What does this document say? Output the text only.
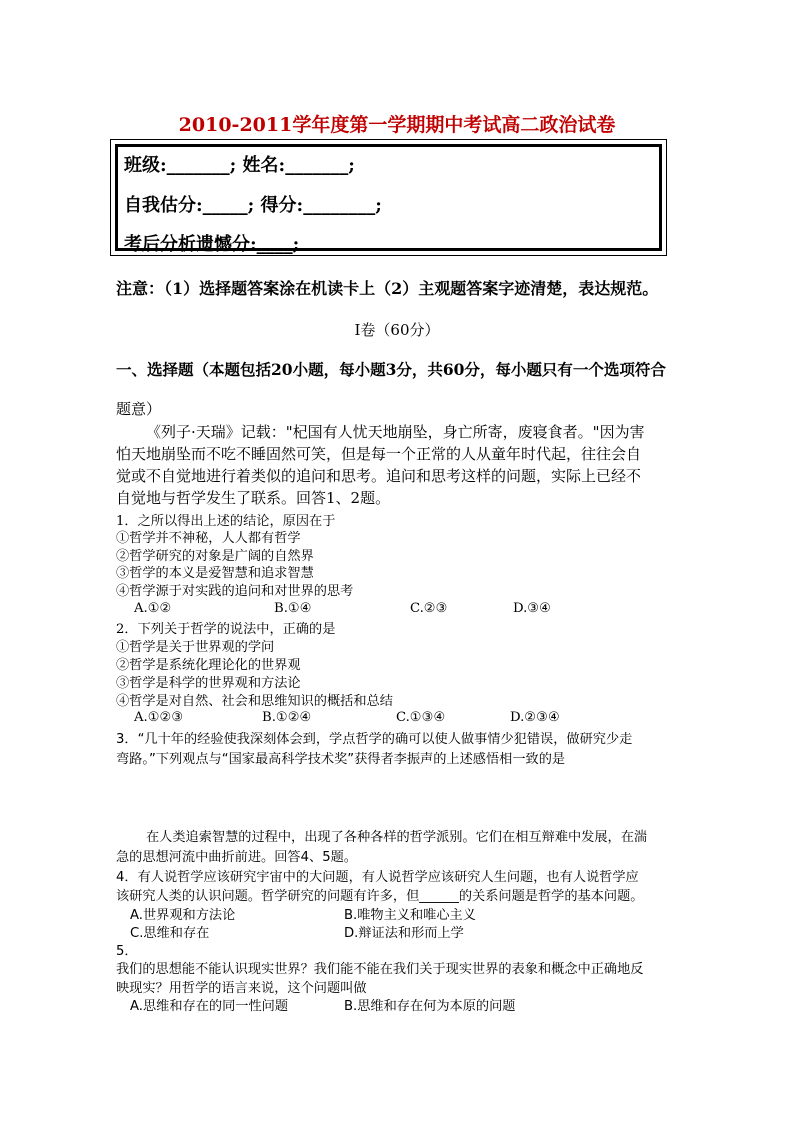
2010-2011学年度第一学期期中考试高二政治试卷
班级:_______; 姓名:_______;
自我估分:_____; 得分:________;
考后分析遗憾分:____;
注意：（1）选择题答案涂在机读卡上（2）主观题答案字迹清楚，表达规范。
I卷（60分）
一、选择题（本题包括20小题，每小题3分，共60分，每小题只有一个选项符合
题意）
《列子·天瑞》记载："杞国有人忧天地崩坠，身亡所寄，废寝食者。"因为害
怕天地崩坠而不吃不睡固然可笑，但是每一个正常的人从童年时代起，往往会自
觉或不自觉地进行着类似的追问和思考。追问和思考这样的问题，实际上已经不
自觉地与哲学发生了联系。回答1、2题。
1．之所以得出上述的结论，原因在于
①哲学并不神秘，人人都有哲学
②哲学研究的对象是广阔的自然界
③哲学的本义是爱智慧和追求智慧
④哲学源于对实践的追问和对世界的思考
A.①②	B.①④	C.②③	D.③④
2．下列关于哲学的说法中，正确的是
①哲学是关于世界观的学问
②哲学是系统化理论化的世界观
③哲学是科学的世界观和方法论
④哲学是对自然、社会和思维知识的概括和总结
A.①②③	B.①②④	C.①③④	D.②③④
3．“几十年的经验使我深刻体会到，学点哲学的确可以使人做事情少犯错误，做研究少走
弯路。”下列观点与“国家最高科学技术奖”获得者李振声的上述感悟相一致的是
在人类追索智慧的过程中，出现了各种各样的哲学派别。它们在相互辩难中发展，在湍
急的思想河流中曲折前进。回答4、5题。
4．有人说哲学应该研究宇宙中的大问题，有人说哲学应该研究人生问题，也有人说哲学应
该研究人类的认识问题。哲学研究的问题有许多，但______的关系问题是哲学的基本问题。
A.世界观和方法论	B.唯物主义和唯心主义
C.思维和存在	D.辩证法和形而上学
5．
我们的思想能不能认识现实世界？我们能不能在我们关于现实世界的表象和概念中正确地反
映现实？用哲学的语言来说，这个问题叫做
A.思维和存在的同一性问题	B.思维和存在何为本原的问题
